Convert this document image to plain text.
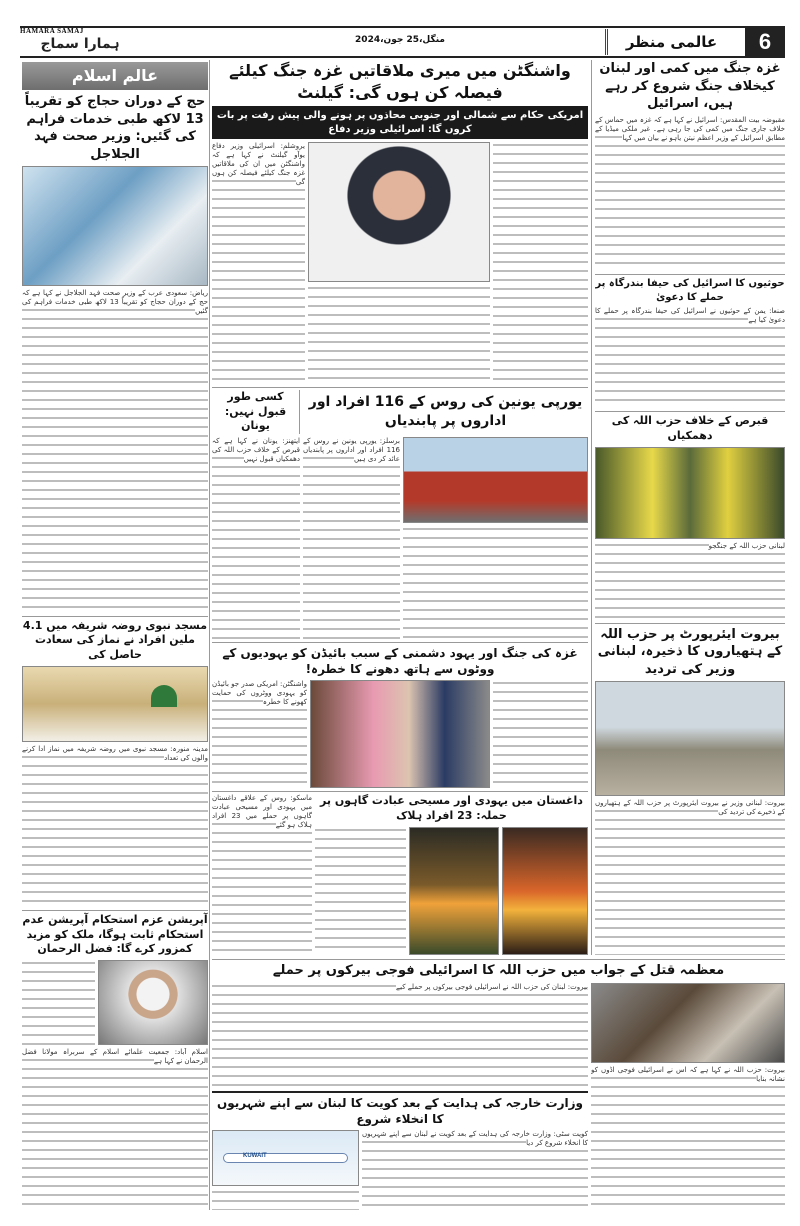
HAMARA SAMAJ
ہمارا سماج	منگل،25 جون،2024	عالمی منظر	6
عالم اسلام
حج کے دوران حجاج کو تقریباً 13 لاکھ طبی خدمات فراہم کی گئیں: وزیر صحت فہد الجلاجل
ریاض: سعودی عرب کے وزیر صحت فہد الجلاجل نے کہا ہے کہ حج کے دوران حجاج کو تقریباً 13 لاکھ طبی خدمات فراہم کی گئیں
مسجد نبوی روضہ شریفہ میں 4.1 ملین افراد نے نماز کی سعادت حاصل کی
مدینہ منورہ: مسجد نبوی میں روضہ شریفہ میں نماز ادا کرنے والوں کی تعداد
آپریشن عزم استحکام آپریشن عدم استحکام ثابت ہوگا، ملک کو مزید کمزور کرے گا: فضل الرحمان
اسلام آباد: جمعیت علمائے اسلام کے سربراہ مولانا فضل الرحمان نے کہا ہے
واشنگٹن میں میری ملاقاتیں غزہ جنگ کیلئے فیصلہ کن ہوں گی: گیلنٹ
امریکی حکام سے شمالی اور جنوبی محاذوں پر ہونے والی پیش رفت پر بات کروں گا: اسرائیلی وزیر دفاع
یروشلم: اسرائیلی وزیر دفاع یوآو گیلنٹ نے کہا ہے کہ واشنگٹن میں ان کی ملاقاتیں غزہ جنگ کیلئے فیصلہ کن ہوں گی
کسی طور قبول نہیں: یونان
یورپی یونین کی روس کے 116 افراد اور اداروں پر پابندیاں
ایتھنز: یونان نے کہا ہے کہ قبرص کے خلاف حزب اللہ کی دھمکیاں قبول نہیں
برسلز: یورپی یونین نے روس کے 116 افراد اور اداروں پر پابندیاں عائد کر دی ہیں
غزہ کی جنگ اور یہود دشمنی کے سبب بائیڈن کو یہودیوں کے ووٹوں سے ہاتھ دھونے کا خطرہ!
واشنگٹن: امریکی صدر جو بائیڈن کو یہودی ووٹروں کی حمایت کھونے کا خطرہ
ماسکو: روس کے علاقے داغستان میں یہودی اور مسیحی عبادت گاہوں پر حملے میں 23 افراد ہلاک ہو گئے
داغستان میں یہودی اور مسیحی عبادت گاہوں پر حملہ: 23 افراد ہلاک
غزہ جنگ میں کمی اور لبنان کیخلاف جنگ شروع کر رہے ہیں، اسرائیل
مقبوضہ بیت المقدس: اسرائیل نے کہا ہے کہ غزہ میں حماس کے خلاف جاری جنگ میں کمی کی جا رہی ہے۔ غیر ملکی میڈیا کے مطابق اسرائیل کے وزیر اعظم نیتن یاہو نے بیان میں کہا
حوثیوں کا اسرائیل کی حیفا بندرگاہ پر حملے کا دعویٰ
صنعا: یمن کے حوثیوں نے اسرائیل کی حیفا بندرگاہ پر حملے کا دعویٰ کیا ہے
قبرص کے خلاف حزب اللہ کی دھمکیاں
لبنانی حزب اللہ کے جنگجو
بیروت ایئرپورٹ پر حزب اللہ کے ہتھیاروں کا ذخیرہ، لبنانی وزیر کی تردید
بیروت: لبنانی وزیر نے بیروت ایئرپورٹ پر حزب اللہ کے ہتھیاروں کے ذخیرے کی تردید کی
معظمہ قتل کے جواب میں حزب اللہ کا اسرائیلی فوجی بیرکوں پر حملے
بیروت: لبنان کی حزب اللہ نے اسرائیلی فوجی بیرکوں پر حملے کیے
وزارت خارجہ کی ہدایت کے بعد کویت کا لبنان سے اپنے شہریوں کا انخلاء شروع
KUWAIT
کویت سٹی: وزارت خارجہ کی ہدایت کے بعد کویت نے لبنان سے اپنے شہریوں کا انخلاء شروع کر دیا
بیروت: حزب اللہ نے کہا ہے کہ اس نے اسرائیلی فوجی اڈوں کو نشانہ بنایا
